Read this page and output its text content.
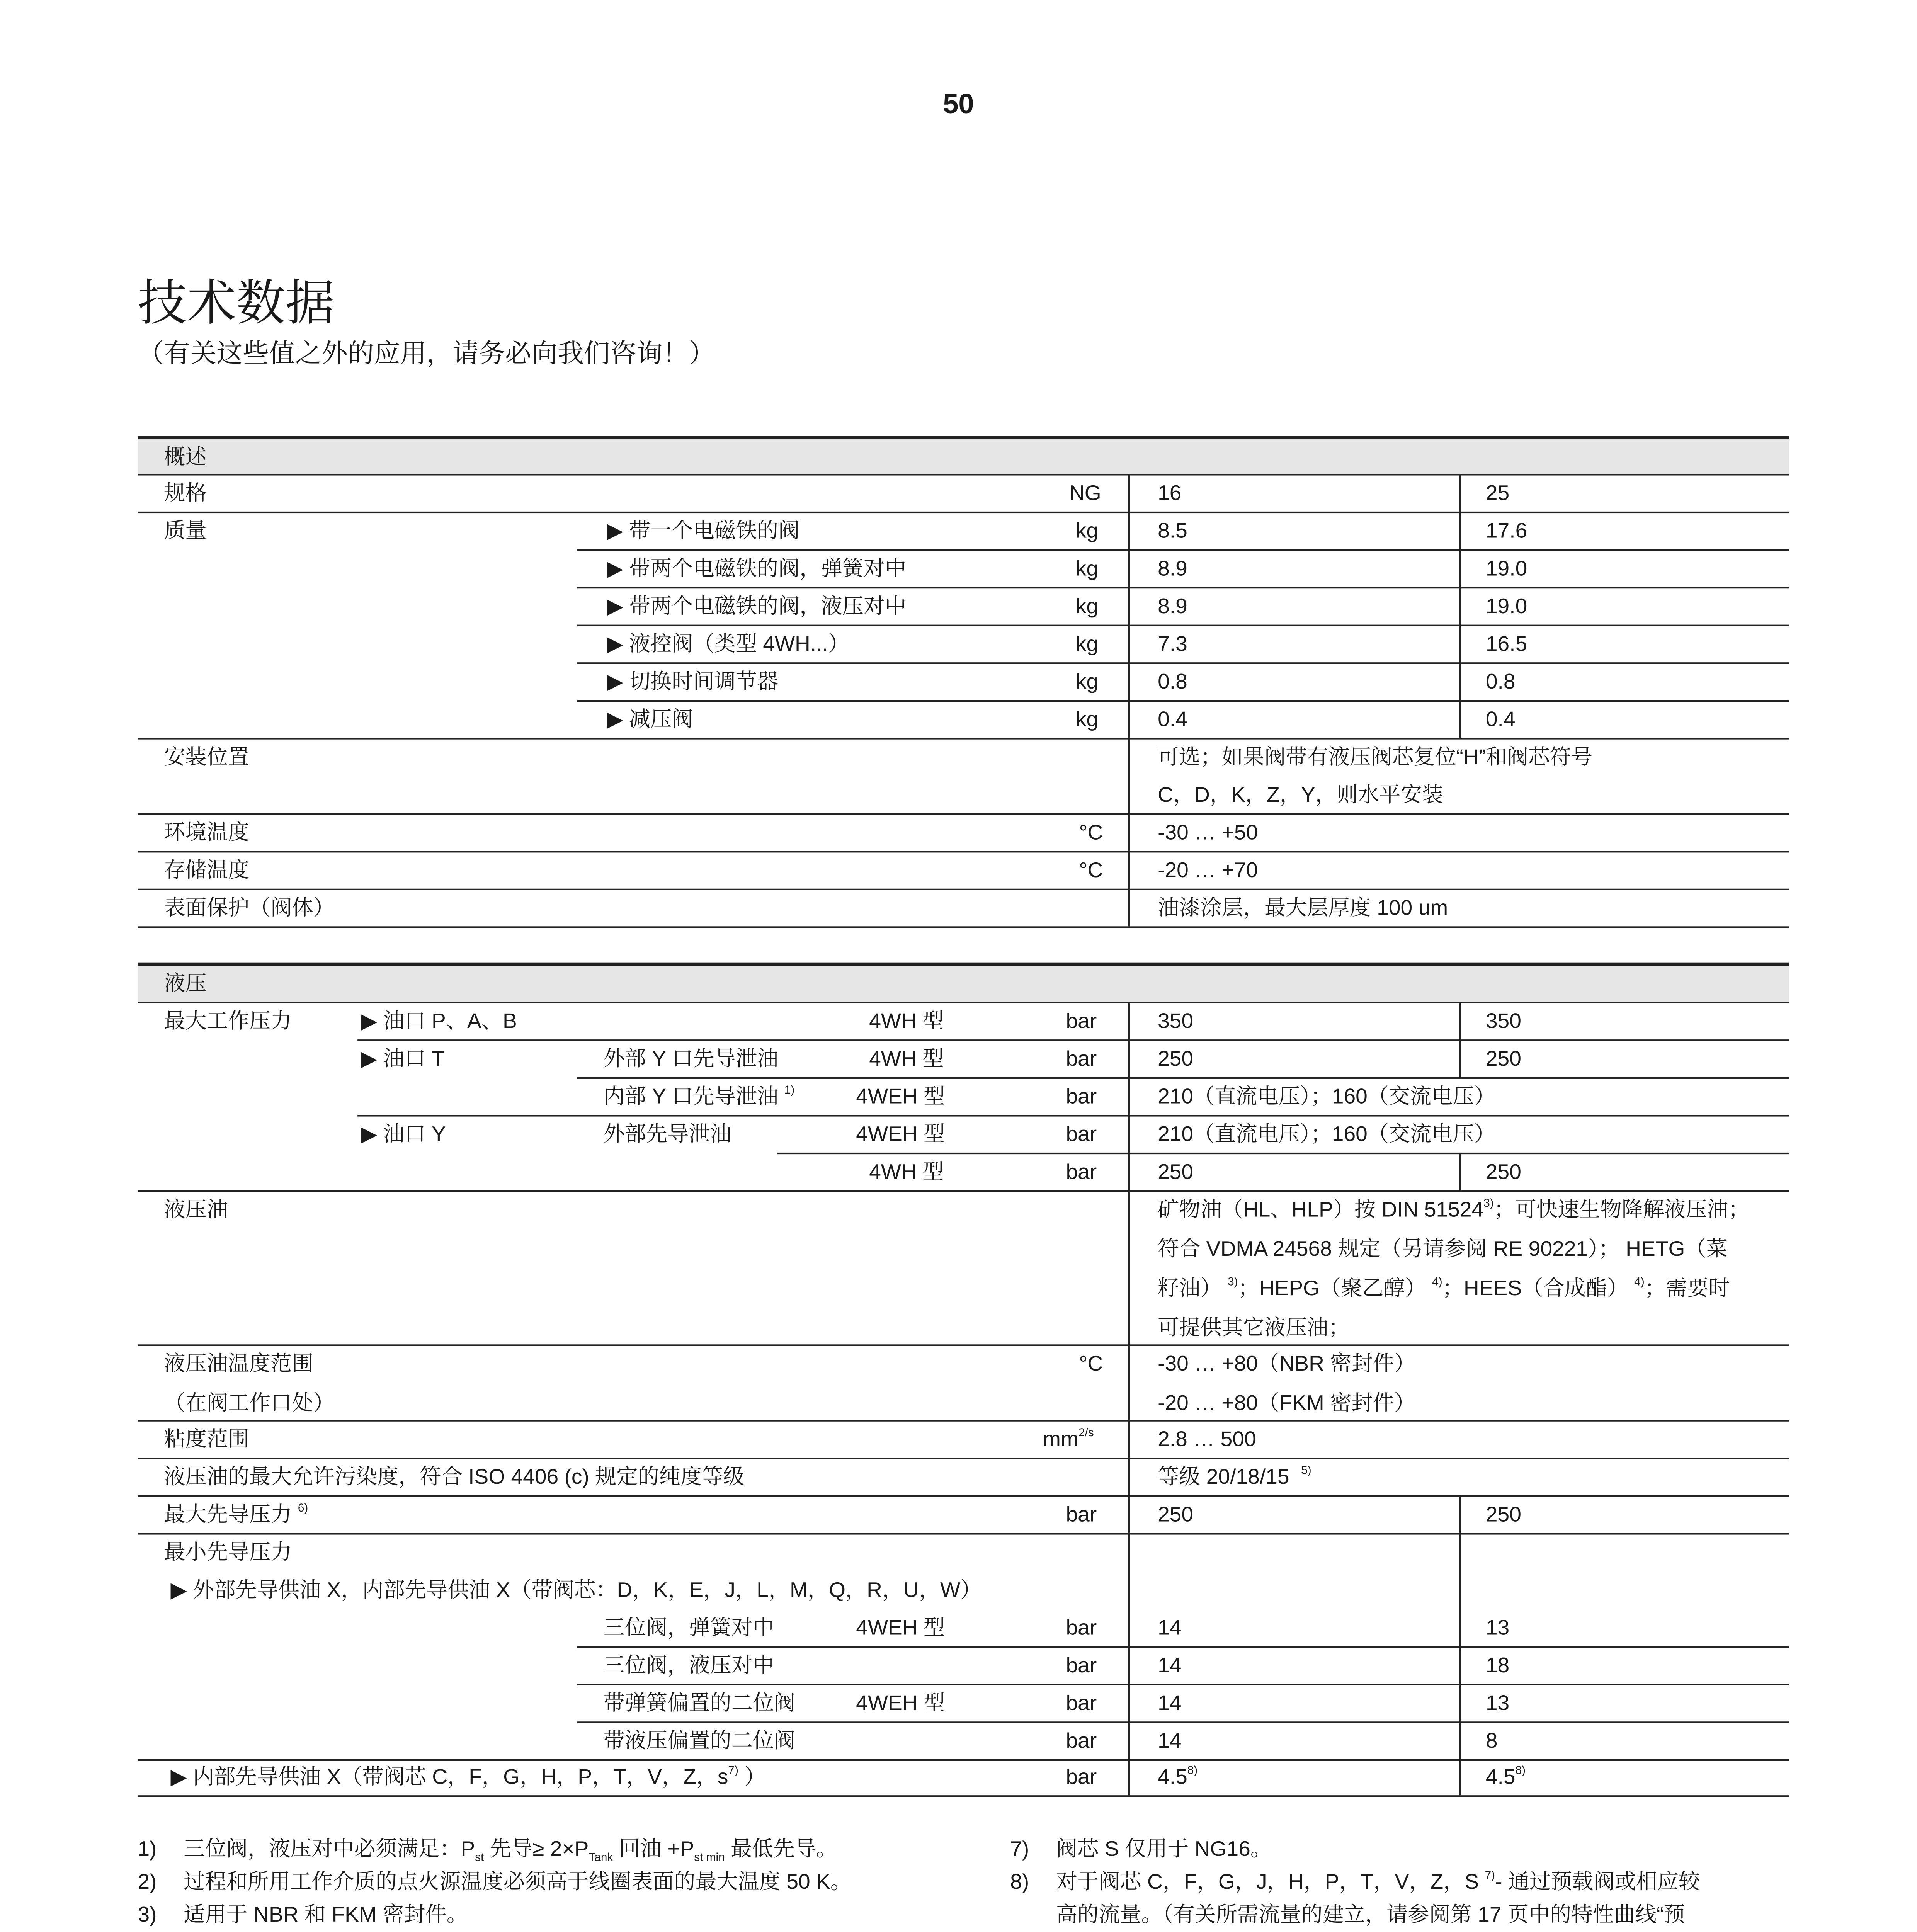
50
技术数据
（有关这些值之外的应用，请务必向我们咨询！）
概述
规格	NG	16	25
质量	▶ 带一个电磁铁的阀	kg	8.5	17.6
▶ 带两个电磁铁的阀，弹簧对中	kg	8.9	19.0
▶ 带两个电磁铁的阀，液压对中	kg	8.9	19.0
▶ 液控阀（类型 4WH...）	kg	7.3	16.5
▶ 切换时间调节器	kg	0.8	0.8
▶ 减压阀	kg	0.4	0.4
安装位置	可选；如果阀带有液压阀芯复位“H”和阀芯符号
C，D，K，Z，Y，则水平安装
环境温度	°C	-30 … +50
存储温度	°C	-20 … +70
表面保护（阀体）	油漆涂层，最大层厚度 100 um
液压
最大工作压力	▶ 油口 P、A、B	4WH 型	bar	350	350
▶ 油口 T	外部 Y 口先导泄油	4WH 型	bar	250	250
内部 Y 口先导泄油 $^{1)}$	4WEH 型	bar	210（直流电压）；160（交流电压）
▶ 油口 Y	外部先导泄油	4WEH 型	bar	210（直流电压）；160（交流电压）
4WH 型	bar	250	250
液压油	矿物油（HL、HLP）按 DIN 51524$^{3)}$；可快速生物降解液压油；
符合 VDMA 24568 规定（另请参阅 RE 90221）； HETG（菜
籽油） $^{3)}$；HEPG（聚乙醇） $^{4)}$；HEES（合成酯） $^{4)}$；需要时
可提供其它液压油；
液压油温度范围
（在阀工作口处）
°C	-30 … +80（NBR 密封件）
-20 … +80（FKM 密封件）
粘度范围	$mm^{2/s}$	2.8 … 500
液压油的最大允许污染度，符合 ISO 4406 (c) 规定的纯度等级	等级 20/18/15	$^{5)}$
最大先导压力 $^{6)}$	bar	250	250
最小先导压力
▶ 外部先导供油 X，内部先导供油 X（带阀芯：D，K，E，J，L，M，Q，R，U，W）
三位阀，弹簧对中	4WEH 型	bar	14	13
三位阀，液压对中	bar	14	18
带弹簧偏置的二位阀	4WEH 型	bar	14	13
带液压偏置的二位阀	bar	14	8
▶ 内部先导供油 X（带阀芯 C，F，G，H，P，T，V，Z，$s^{7)}$ ）	bar	4.5$^{8)}$	4.5$^{8)}$
1)	三位阀，液压对中必须满足：$P_{st}$ 先导≥ $2\times P_{Tank}$ 回油 $+P_{st min}$ 最低先导。
2)	过程和所用工作介质的点火源温度必须高于线圈表面的最大温度 50 K。
3)	适用于 NBR 和 FKM 密封件。
7)	阀芯 S 仅用于 NG16。
8)	对于阀芯 C，F，G，J，H，P，T，V，Z，S $^{7)}$- 通过预载阀或相应较
高的流量。（有关所需流量的建立，请参阅第 17 页中的特性曲线“预
